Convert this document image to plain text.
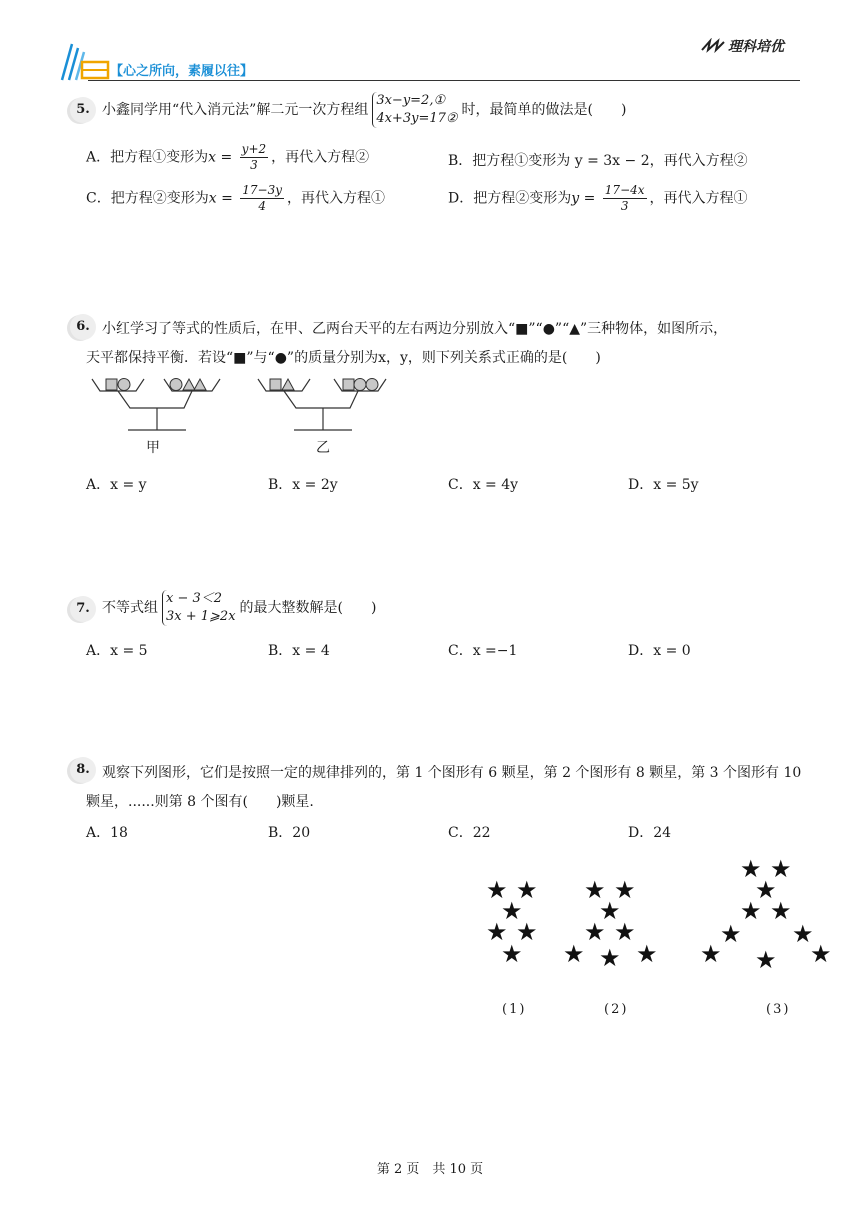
【心之所向，素履以往】
理科培优
5. 小鑫同学用“代入消元法”解二元一次方程组
3x−y=2,①
4x+3y=17②
时，最简单的做法是(　　)
A．把方程①变形为$x = \frac{y+2}{3}$ ，再代入方程②	B．把方程①变形为 y = 3x − 2，再代入方程②
C．把方程②变形为$x = \frac{17-3y}{4}$ ，再代入方程①	D．把方程②变形为$y = \frac{17-4x}{3}$ ，再代入方程①
6. 小红学习了等式的性质后，在甲、乙两台天平的左右两边分别放入“■”“●”“▲”三种物体，如图所示，
天平都保持平衡．若设“■”与“●”的质量分别为x，y，则下列关系式正确的是(　　)
甲	乙
A．x = y	B．x = 2y	C．x = 4y	D．x = 5y
7. 不等式组
x − 3＜2
3x + 1⩾2x
的最大整数解是(　　)
A．x = 5	B．x = 4	C．x =−1	D．x = 0
8. 观察下列图形，它们是按照一定的规律排列的，第 1 个图形有 6 颗星，第 2 个图形有 8 颗星，第 3 个图形有 10
颗星，......则第 8 个图有(　　)颗星.
A．18	B．20	C．22	D．24
★ ★
★
★ ★
★
★ ★
★
★ ★
★ ★ ★
★ ★
★
★ ★
★ ★
★ ★ ★
(1)	(2)	(3)
第 2 页　共 10 页
